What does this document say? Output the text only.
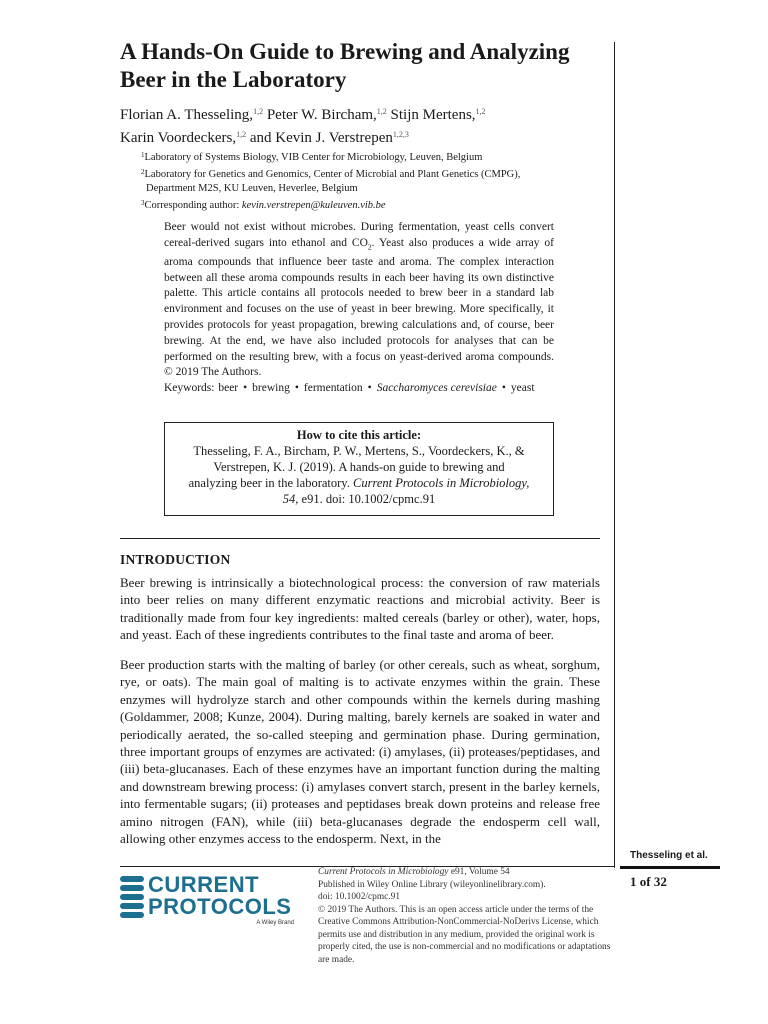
A Hands-On Guide to Brewing and Analyzing Beer in the Laboratory
Florian A. Thesseling,$^{1,2}$ Peter W. Bircham,$^{1,2}$ Stijn Mertens,$^{1,2}$
Karin Voordeckers,$^{1,2}$ and Kevin J. Verstrepen$^{1,2,3}$
$^1$Laboratory of Systems Biology, VIB Center for Microbiology, Leuven, Belgium
$^2$Laboratory for Genetics and Genomics, Center of Microbial and Plant Genetics (CMPG),
Department M2S, KU Leuven, Heverlee, Belgium
$^3$Corresponding author: kevin.verstrepen@kuleuven.vib.be

Beer would not exist without microbes. During fermentation, yeast cells convert cereal-derived sugars into ethanol and $CO_2$. Yeast also produces a wide array of aroma compounds that influence beer taste and aroma. The complex interaction between all these aroma compounds results in each beer having its own distinctive palette. This article contains all protocols needed to brew beer in a standard lab environment and focuses on the use of yeast in beer brewing. More specifically, it provides protocols for yeast propagation, brewing calculations and, of course, beer brewing. At the end, we have also included protocols for analyses that can be performed on the resulting brew, with a focus on yeast-derived aroma compounds. © 2019 The Authors.

Keywords: beer • brewing • fermentation • Saccharomyces cerevisiae • yeast
How to cite this article:
Thesseling, F. A., Bircham, P. W., Mertens, S., Voordeckers, K., &
Verstrepen, K. J. (2019). A hands-on guide to brewing and
analyzing beer in the laboratory. Current Protocols in Microbiology,
54, e91. doi: 10.1002/cpmc.91
INTRODUCTION

Beer brewing is intrinsically a biotechnological process: the conversion of raw materials into beer relies on many different enzymatic reactions and microbial activity. Beer is traditionally made from four key ingredients: malted cereals (barley or other), water, hops, and yeast. Each of these ingredients contributes to the final taste and aroma of beer.

Beer production starts with the malting of barley (or other cereals, such as wheat, sorghum, rye, or oats). The main goal of malting is to activate enzymes within the grain. These enzymes will hydrolyze starch and other compounds within the kernels during mashing (Goldammer, 2008; Kunze, 2004). During malting, barely kernels are soaked in water and periodically aerated, the so-called steeping and germination phase. During germination, three important groups of enzymes are activated: (i) amylases, (ii) proteases/peptidases, and (iii) beta-glucanases. Each of these enzymes have an important function during the malting and downstream brewing process: (i) amylases convert starch, present in the barley kernels, into fermentable sugars; (ii) proteases and peptidases break down proteins and release free amino nitrogen (FAN), while (iii) beta-glucanases degrade the endosperm cell wall, allowing other enzymes access to the endosperm. Next, in the

Thesseling et al.
1 of 32
CURRENT
PROTOCOLS
A Wiley Brand
Current Protocols in Microbiology e91, Volume 54
Published in Wiley Online Library (wileyonlinelibrary.com).
doi: 10.1002/cpmc.91
© 2019 The Authors. This is an open access article under the terms of the Creative Commons Attribution-NonCommercial-NoDerivs License, which permits use and distribution in any medium, provided the original work is properly cited, the use is non-commercial and no modifications or adaptations are made.
